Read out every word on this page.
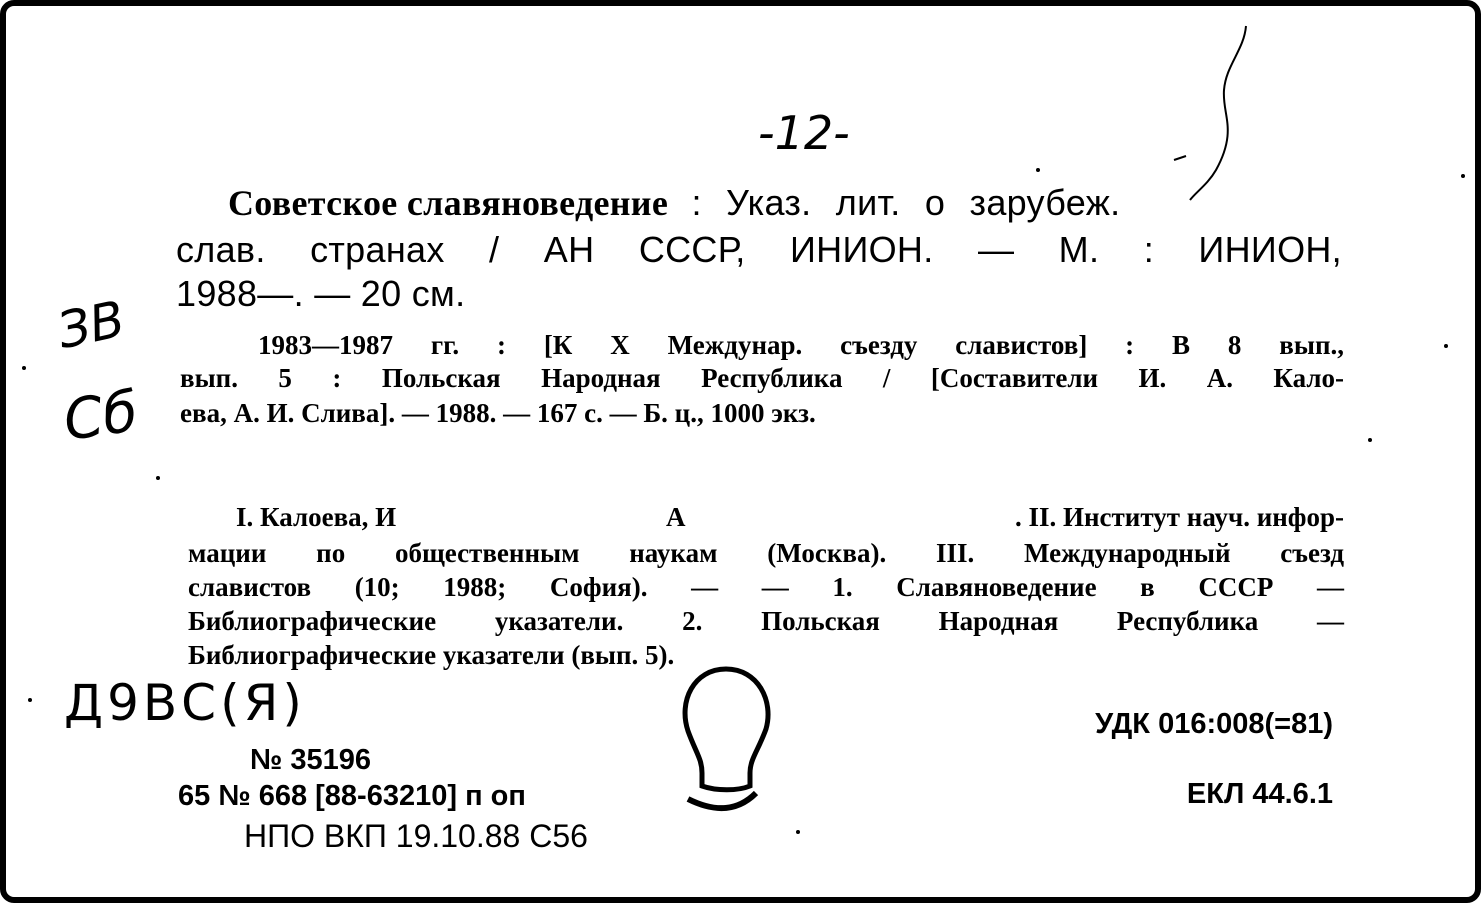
-12-
Советское славяноведение : Указ. лит. о зарубеж.
слав. странах / АН СССР, ИНИОН. — М. : ИНИОН,
1988—. — 20 см.
1983—1987 гг. : [К X Междунар. съезду славистов] : В 8 вып.,
вып. 5 : Польская Народная Республика / [Составители И. А. Кало-
ева, А. И. Слива]. — 1988. — 167 с. — Б. ц., 1000 экз.
I. Калоева, И	А	. II. Институт науч. инфор-
мации по общественным наукам (Москва). III. Международный съезд
славистов (10; 1988; София). — — 1. Славяноведение в СССР —
Библиографические указатели. 2. Польская Народная Республика —
Библиографические указатели (вып. 5).
ЗВ
Сб
Д9ВС(Я)
№ 35196
65 № 668 [88-63210] п оп
НПО ВКП 19.10.88 С56
УДК 016:008(=81)
ЕКЛ 44.6.1
